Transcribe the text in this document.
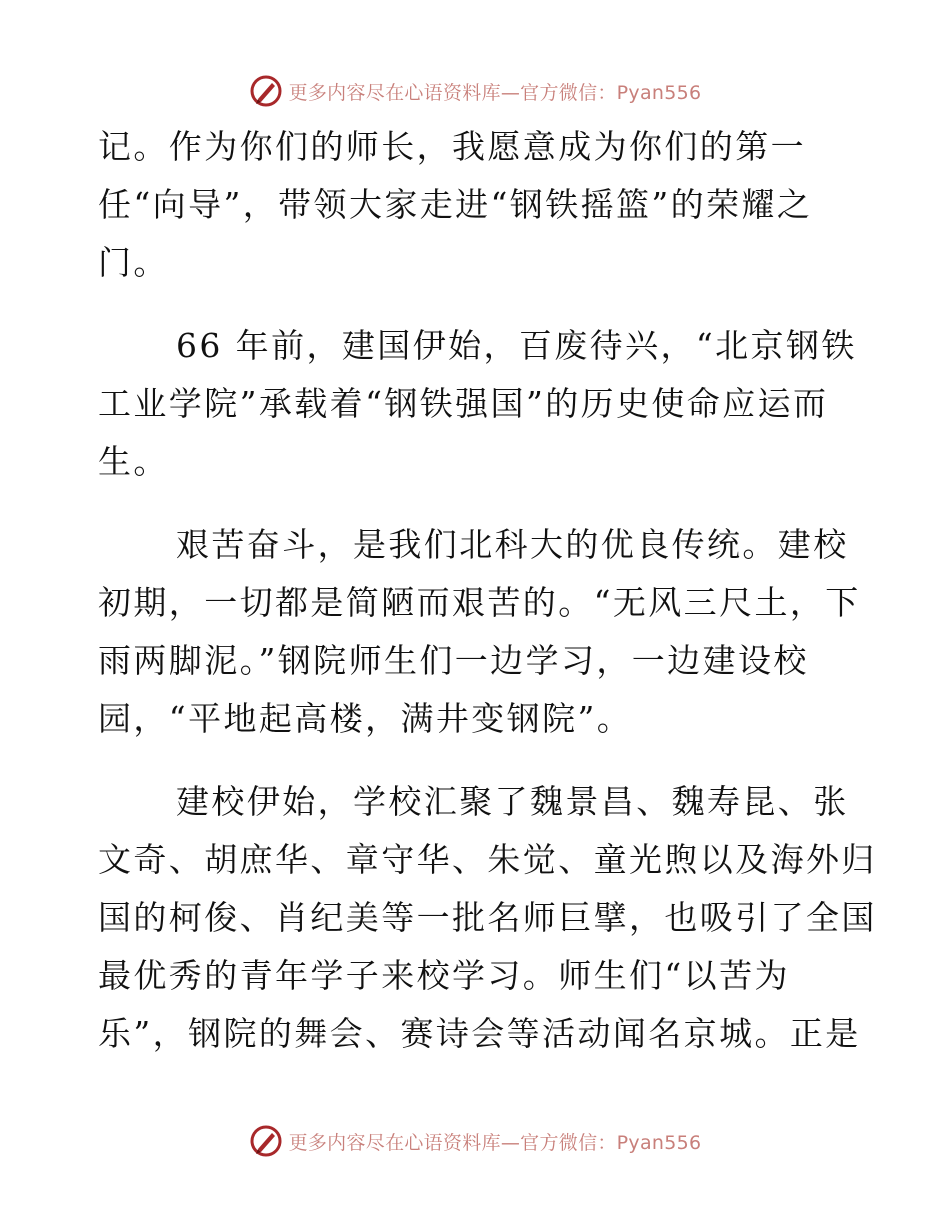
更多内容尽在心语资料库—官方微信：Pyan556
记。作为你们的师长，我愿意成为你们的第一
任“向导”，带领大家走进“钢铁摇篮”的荣耀之
门。
66 年前，建国伊始，百废待兴，“北京钢铁
工业学院”承载着“钢铁强国”的历史使命应运而
生。
艰苦奋斗，是我们北科大的优良传统。建校
初期，一切都是简陋而艰苦的。“无风三尺土，下
雨两脚泥。”钢院师生们一边学习，一边建设校
园，“平地起高楼，满井变钢院”。
建校伊始，学校汇聚了魏景昌、魏寿昆、张
文奇、胡庶华、章守华、朱觉、童光煦以及海外归
国的柯俊、肖纪美等一批名师巨擘，也吸引了全国
最优秀的青年学子来校学习。师生们“以苦为
乐”，钢院的舞会、赛诗会等活动闻名京城。正是
更多内容尽在心语资料库—官方微信：Pyan556
